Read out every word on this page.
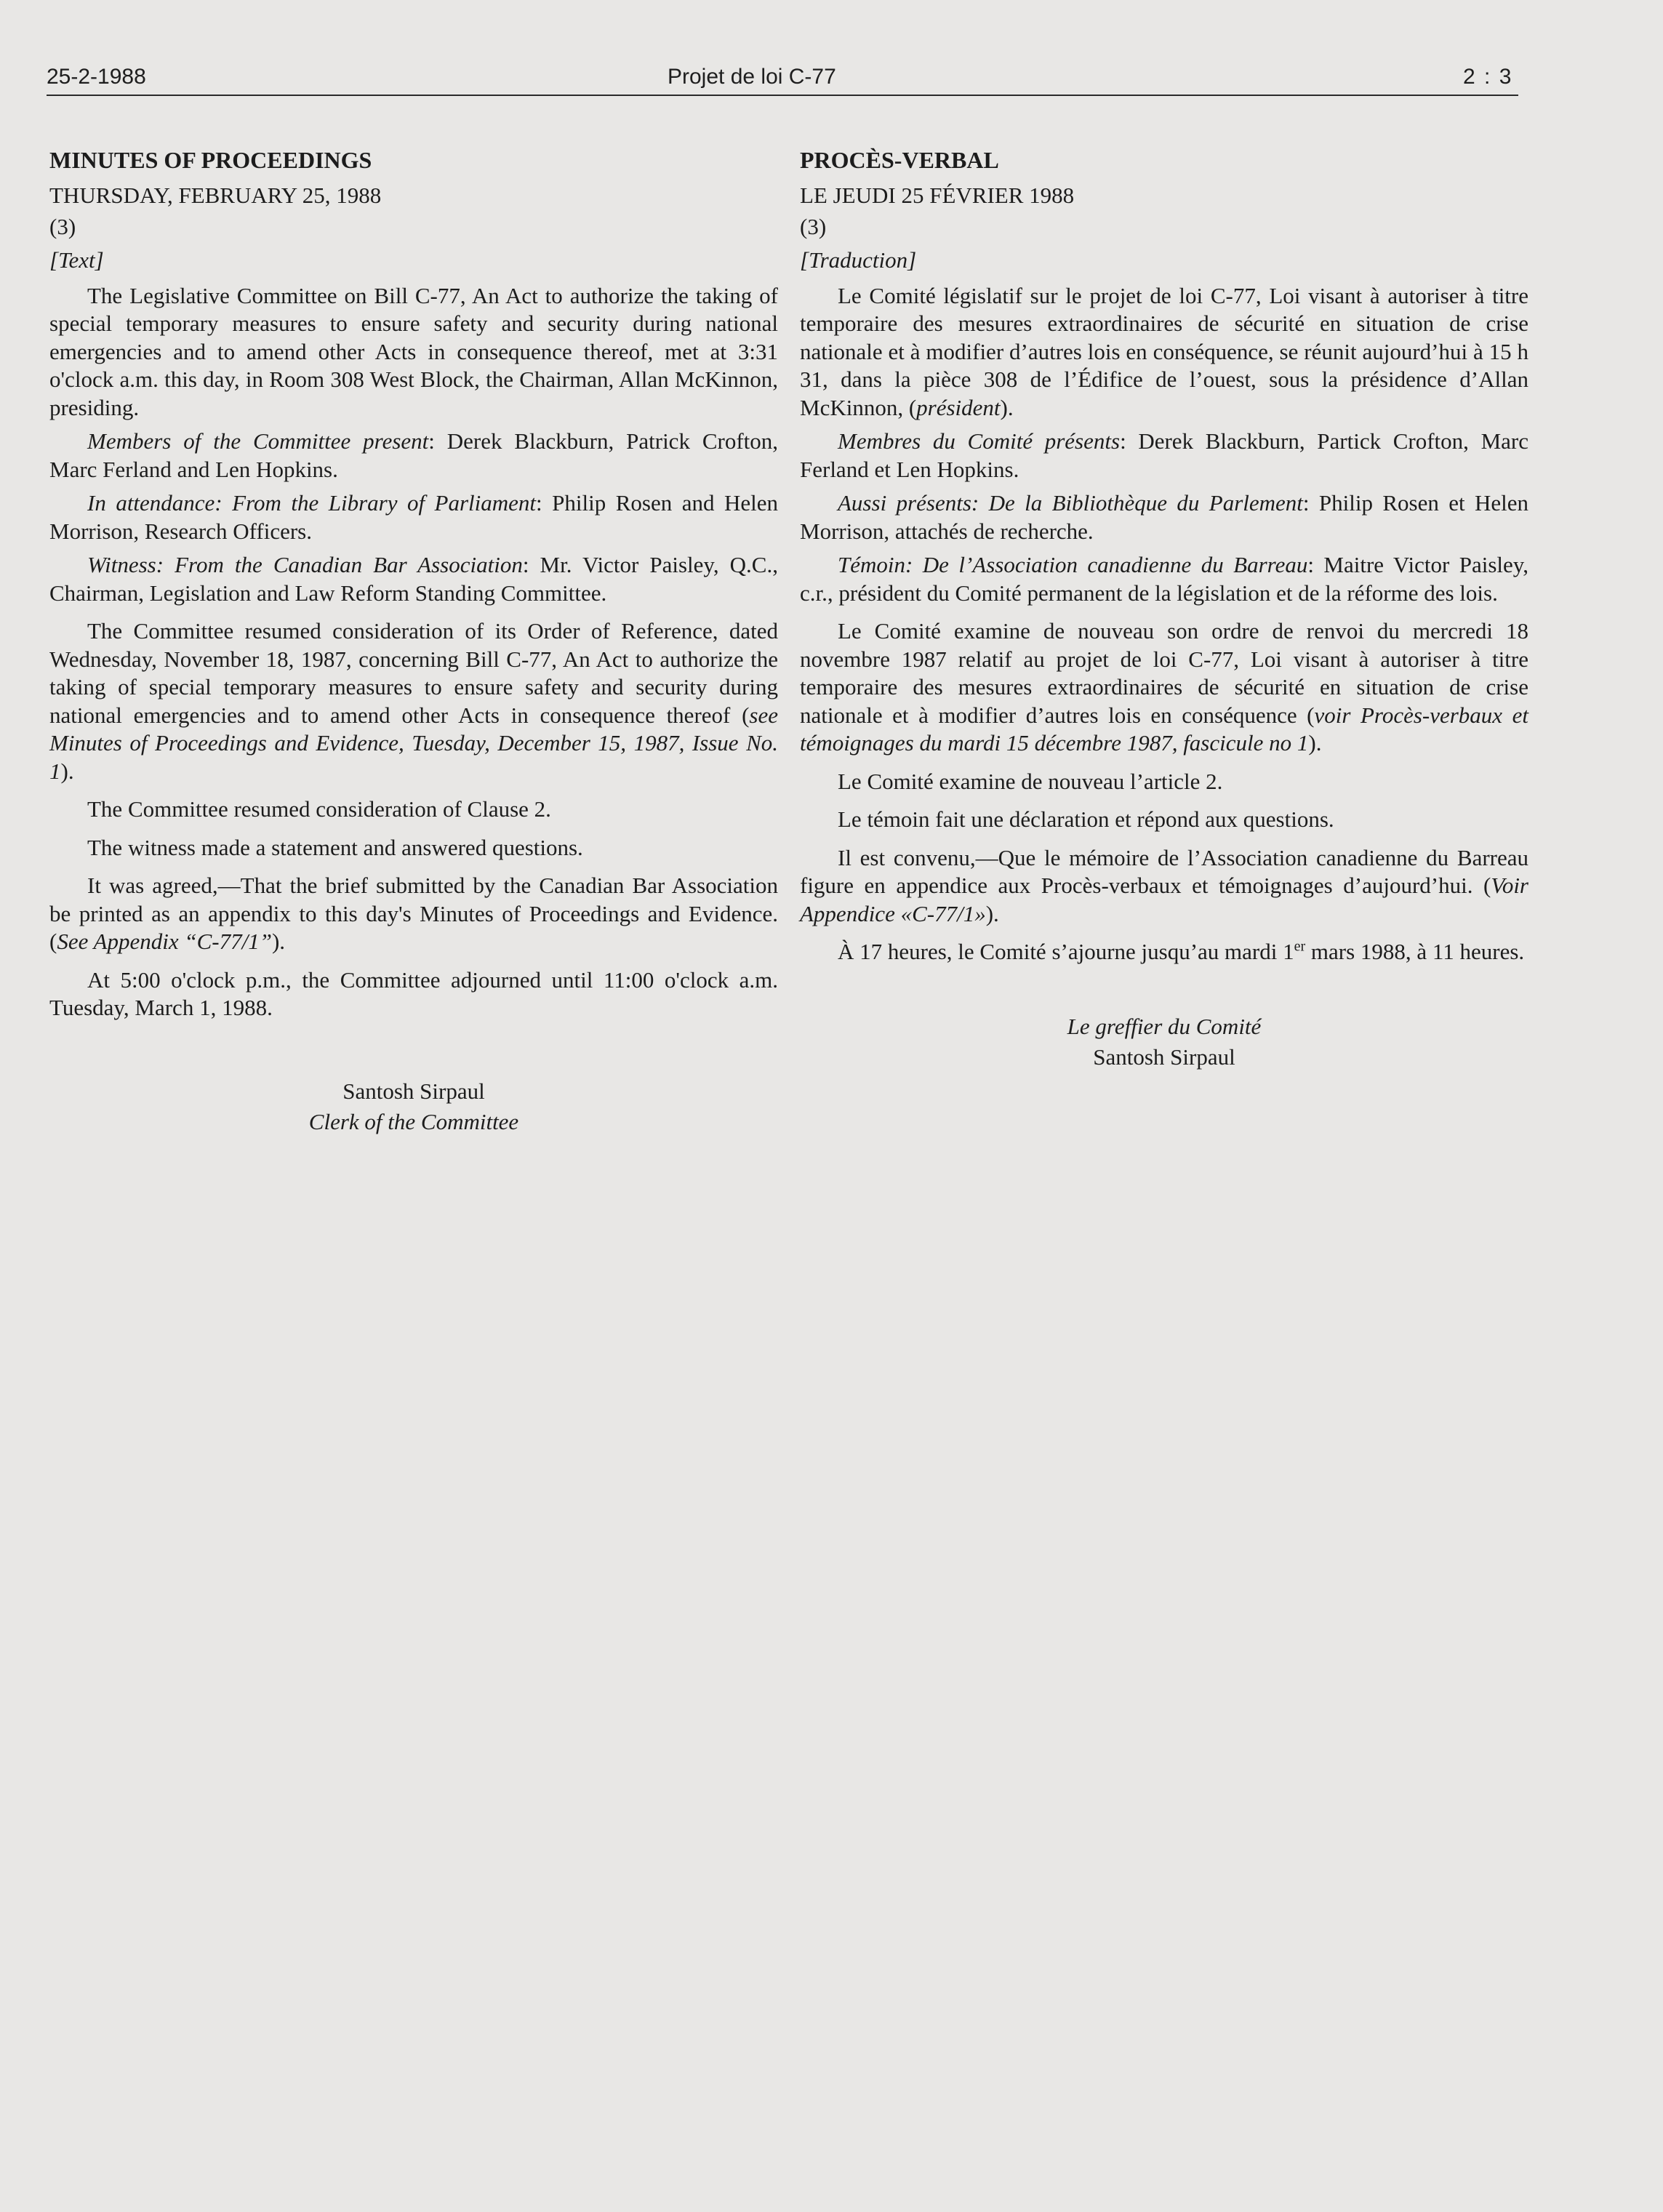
25-2-1988	Projet de loi C-77	2 : 3

MINUTES OF PROCEEDINGS

THURSDAY, FEBRUARY 25, 1988

(3)

[Text]

The Legislative Committee on Bill C-77, An Act to authorize the taking of special temporary measures to ensure safety and security during national emergencies and to amend other Acts in consequence thereof, met at 3:31 o'clock a.m. this day, in Room 308 West Block, the Chairman, Allan McKinnon, presiding.

Members of the Committee present: Derek Blackburn, Patrick Crofton, Marc Ferland and Len Hopkins.

In attendance: From the Library of Parliament: Philip Rosen and Helen Morrison, Research Officers.

Witness: From the Canadian Bar Association: Mr. Victor Paisley, Q.C., Chairman, Legislation and Law Reform Standing Committee.

The Committee resumed consideration of its Order of Reference, dated Wednesday, November 18, 1987, concerning Bill C-77, An Act to authorize the taking of special temporary measures to ensure safety and security during national emergencies and to amend other Acts in consequence thereof (see Minutes of Proceedings and Evidence, Tuesday, December 15, 1987, Issue No. 1).

The Committee resumed consideration of Clause 2.

The witness made a statement and answered questions.

It was agreed,—That the brief submitted by the Canadian Bar Association be printed as an appendix to this day's Minutes of Proceedings and Evidence. (See Appendix “C-77/1”).

At 5:00 o'clock p.m., the Committee adjourned until 11:00 o'clock a.m. Tuesday, March 1, 1988.

Santosh Sirpaul

Clerk of the Committee

PROCÈS-VERBAL

LE JEUDI 25 FÉVRIER 1988

(3)

[Traduction]

Le Comité législatif sur le projet de loi C-77, Loi visant à autoriser à titre temporaire des mesures extraordinaires de sécurité en situation de crise nationale et à modifier d’autres lois en conséquence, se réunit aujourd’hui à 15 h 31, dans la pièce 308 de l’Édifice de l’ouest, sous la présidence d’Allan McKinnon, (président).

Membres du Comité présents: Derek Blackburn, Partick Crofton, Marc Ferland et Len Hopkins.

Aussi présents: De la Bibliothèque du Parlement: Philip Rosen et Helen Morrison, attachés de recherche.

Témoin: De l’Association canadienne du Barreau: Maitre Victor Paisley, c.r., président du Comité permanent de la législation et de la réforme des lois.

Le Comité examine de nouveau son ordre de renvoi du mercredi 18 novembre 1987 relatif au projet de loi C-77, Loi visant à autoriser à titre temporaire des mesures extraordinaires de sécurité en situation de crise nationale et à modifier d’autres lois en conséquence (voir Procès-verbaux et témoignages du mardi 15 décembre 1987, fascicule no 1).

Le Comité examine de nouveau l’article 2.

Le témoin fait une déclaration et répond aux questions.

Il est convenu,—Que le mémoire de l’Association canadienne du Barreau figure en appendice aux Procès-verbaux et témoignages d’aujourd’hui. (Voir Appendice «C-77/1»).

À 17 heures, le Comité s’ajourne jusqu’au mardi 1er mars 1988, à 11 heures.

Le greffier du Comité

Santosh Sirpaul
